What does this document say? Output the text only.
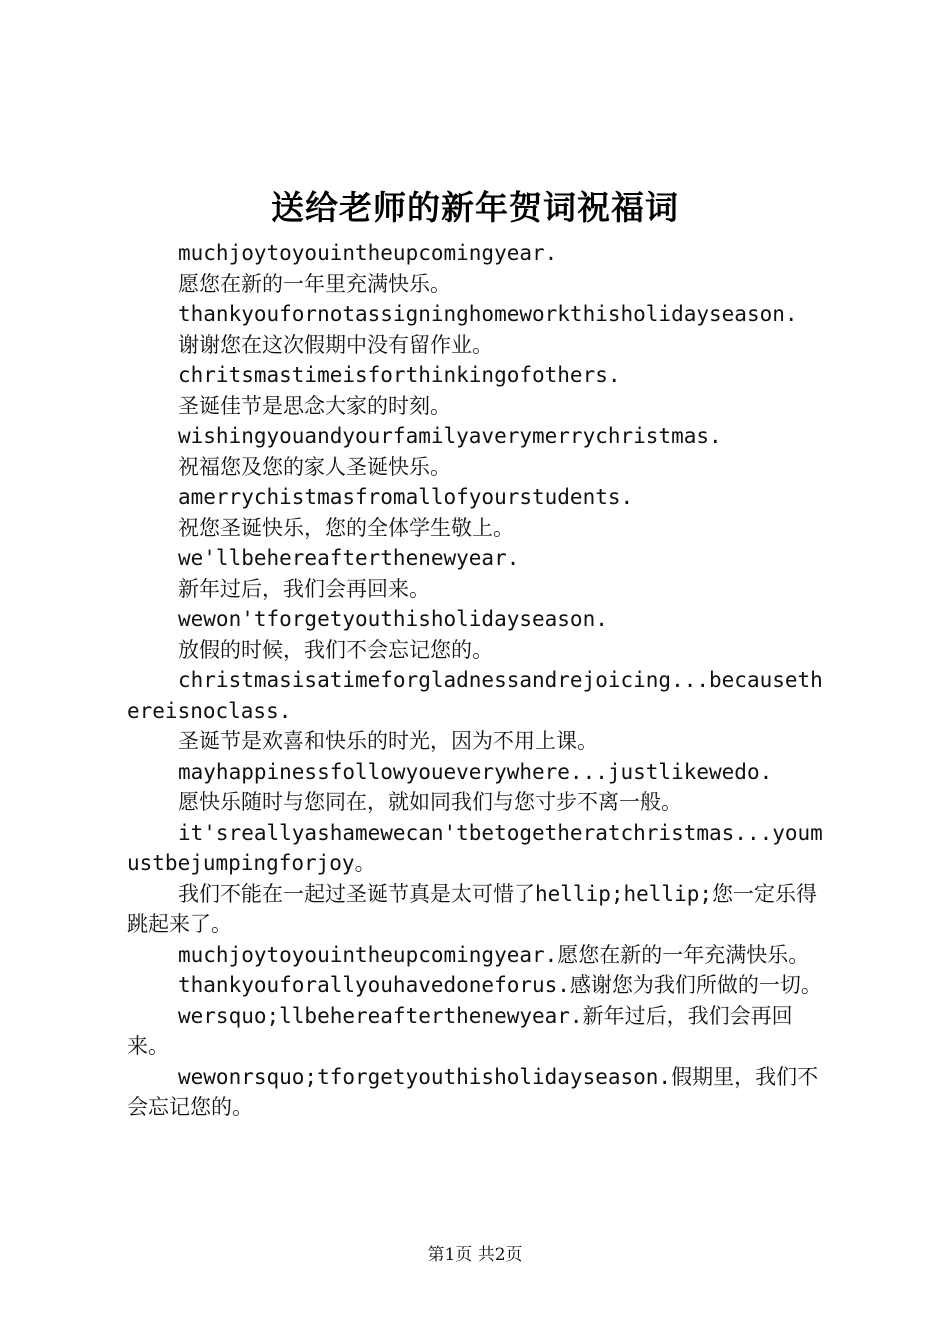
送给老师的新年贺词祝福词

muchjoytoyouintheupcomingyear.

愿您在新的一年里充满快乐。

thankyoufornotassigninghomeworkthisholidayseason.

谢谢您在这次假期中没有留作业。

chritsmastimeisforthinkingofothers.

圣诞佳节是思念大家的时刻。

wishingyouandyourfamilyaverymerrychristmas.

祝福您及您的家人圣诞快乐。

amerrychistmasfromallofyourstudents.

祝您圣诞快乐，您的全体学生敬上。

we'llbehereafterthenewyear.

新年过后，我们会再回来。

wewon'tforgetyouthisholidayseason.

放假的时候，我们不会忘记您的。

christmasisatimeforgladnessandrejoicing...becausethereisnoclass.

圣诞节是欢喜和快乐的时光，因为不用上课。

mayhappinessfollowyoueverywhere...justlikewedo.

愿快乐随时与您同在，就如同我们与您寸步不离一般。

it'sreallyashamewecan'tbetogetheratchristmas...youmustbejumpingforjoy。

我们不能在一起过圣诞节真是太可惜了hellip;hellip;您一定乐得跳起来了。

muchjoytoyouintheupcomingyear.愿您在新的一年充满快乐。

thankyouforallyouhavedoneforus.感谢您为我们所做的一切。

wersquo;llbehereafterthenewyear.新年过后，我们会再回来。

wewonrsquo;tforgetyouthisholidayseason.假期里，我们不会忘记您的。

第1页 共2页
